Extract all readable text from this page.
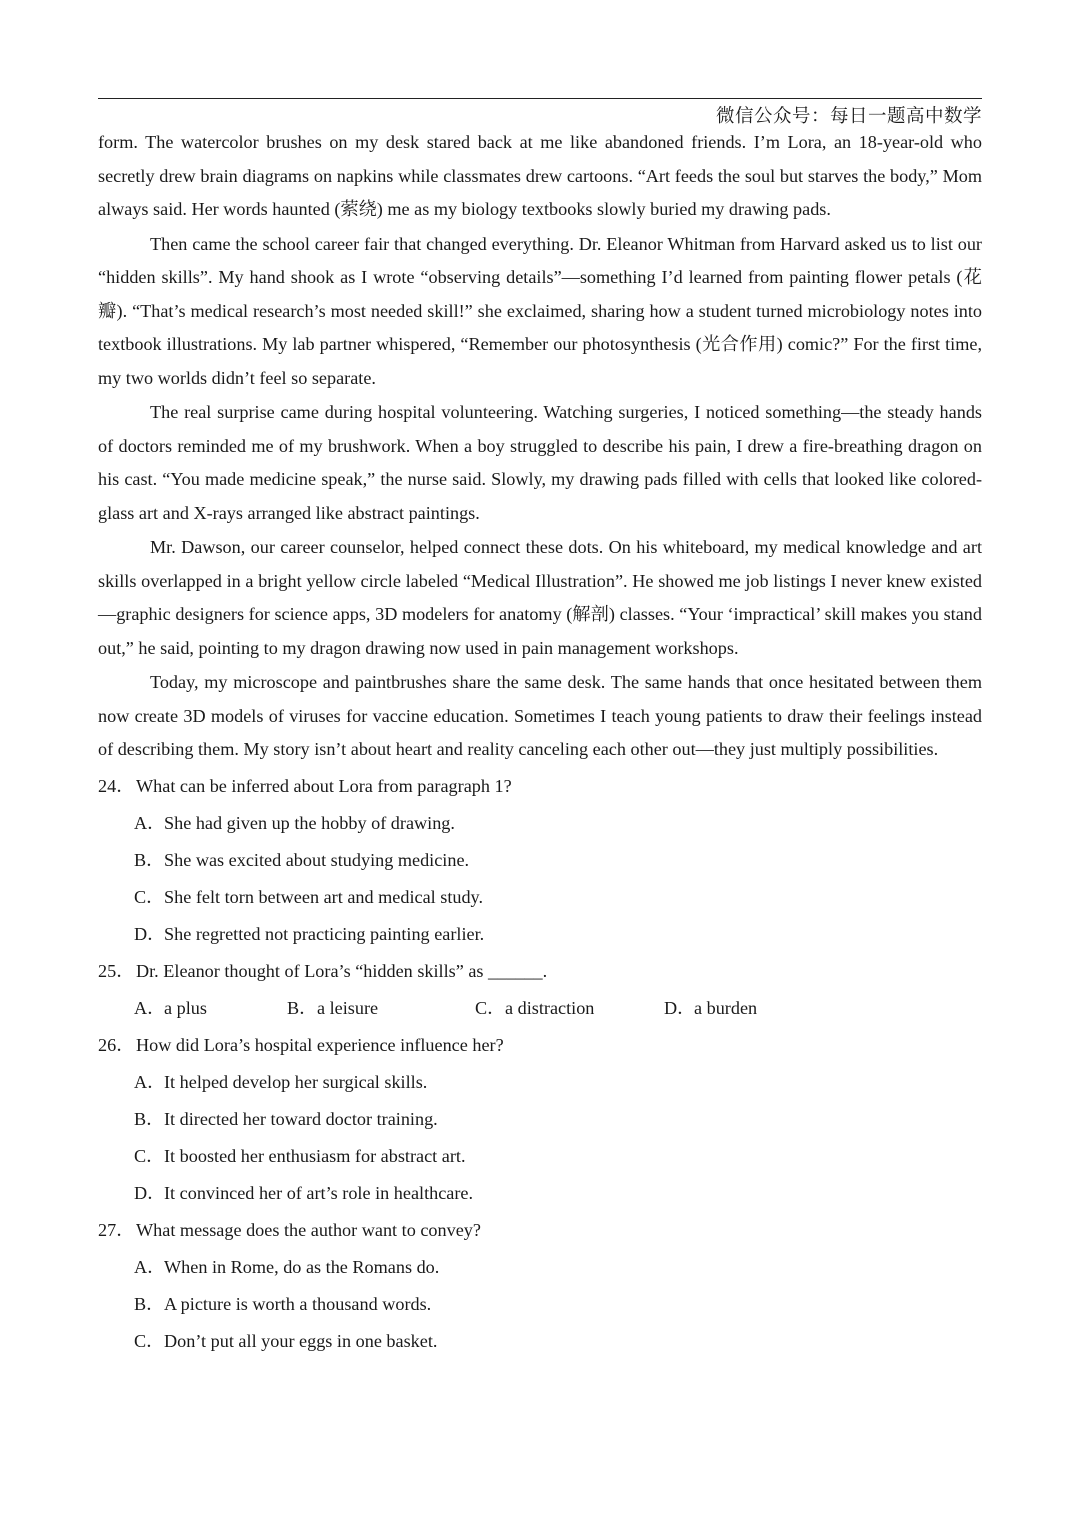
微信公众号：每日一题高中数学

form. The watercolor brushes on my desk stared back at me like abandoned friends. I’m Lora, an 18-year-old who secretly drew brain diagrams on napkins while classmates drew cartoons. “Art feeds the soul but starves the body,” Mom always said. Her words haunted (萦绕) me as my biology textbooks slowly buried my drawing pads.

Then came the school career fair that changed everything. Dr. Eleanor Whitman from Harvard asked us to list our “hidden skills”. My hand shook as I wrote “observing details”—something I’d learned from painting flower petals (花瓣). “That’s medical research’s most needed skill!” she exclaimed, sharing how a student turned microbiology notes into textbook illustrations. My lab partner whispered, “Remember our photosynthesis (光合作用) comic?” For the first time, my two worlds didn’t feel so separate.

The real surprise came during hospital volunteering. Watching surgeries, I noticed something—the steady hands of doctors reminded me of my brushwork. When a boy struggled to describe his pain, I drew a fire-breathing dragon on his cast. “You made medicine speak,” the nurse said. Slowly, my drawing pads filled with cells that looked like colored-glass art and X-rays arranged like abstract paintings.

Mr. Dawson, our career counselor, helped connect these dots. On his whiteboard, my medical knowledge and art skills overlapped in a bright yellow circle labeled “Medical Illustration”. He showed me job listings I never knew existed—graphic designers for science apps, 3D modelers for anatomy (解剖) classes. “Your ‘impractical’ skill makes you stand out,” he said, pointing to my dragon drawing now used in pain management workshops.

Today, my microscope and paintbrushes share the same desk. The same hands that once hesitated between them now create 3D models of viruses for vaccine education. Sometimes I teach young patients to draw their feelings instead of describing them. My story isn’t about heart and reality canceling each other out—they just multiply possibilities.

24．What can be inferred about Lora from paragraph 1?
A．She had given up the hobby of drawing.
B．She was excited about studying medicine.
C．She felt torn between art and medical study.
D．She regretted not practicing painting earlier.
25．Dr. Eleanor thought of Lora’s “hidden skills” as ______.
A．a plus	B．a leisure	C．a distraction	D．a burden
26．How did Lora’s hospital experience influence her?
A．It helped develop her surgical skills.
B．It directed her toward doctor training.
C．It boosted her enthusiasm for abstract art.
D．It convinced her of art’s role in healthcare.
27．What message does the author want to convey?
A．When in Rome, do as the Romans do.
B．A picture is worth a thousand words.
C．Don’t put all your eggs in one basket.
